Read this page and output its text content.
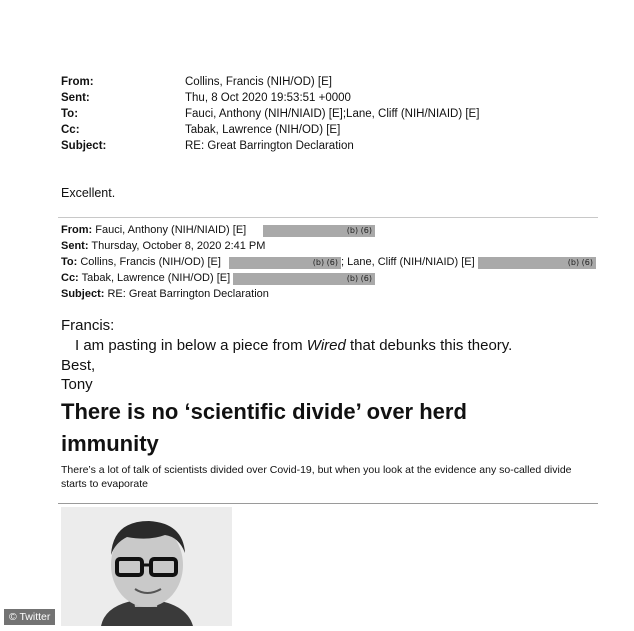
From:	Collins, Francis (NIH/OD) [E]
Sent:	Thu, 8 Oct 2020 19:53:51 +0000
To:	Fauci, Anthony (NIH/NIAID) [E];Lane, Cliff (NIH/NIAID) [E]
Cc:	Tabak, Lawrence (NIH/OD) [E]
Subject:	RE: Great Barrington Declaration
Excellent.
From: Fauci, Anthony (NIH/NIAID) [E]	(b) (6)
Sent: Thursday, October 8, 2020 2:41 PM
To: Collins, Francis (NIH/OD) [E]	(b) (6) ; Lane, Cliff (NIH/NIAID) [E]	(b) (6)
Cc: Tabak, Lawrence (NIH/OD) [E]	(b) (6)
Subject: RE: Great Barrington Declaration
Francis:
I am pasting in below a piece from Wired that debunks this theory.
Best,
Tony
There is no ‘scientific divide’ over herd immunity
There’s a lot of talk of scientists divided over Covid-19, but when you look at the evidence any so-called divide starts to evaporate
© Twitter
